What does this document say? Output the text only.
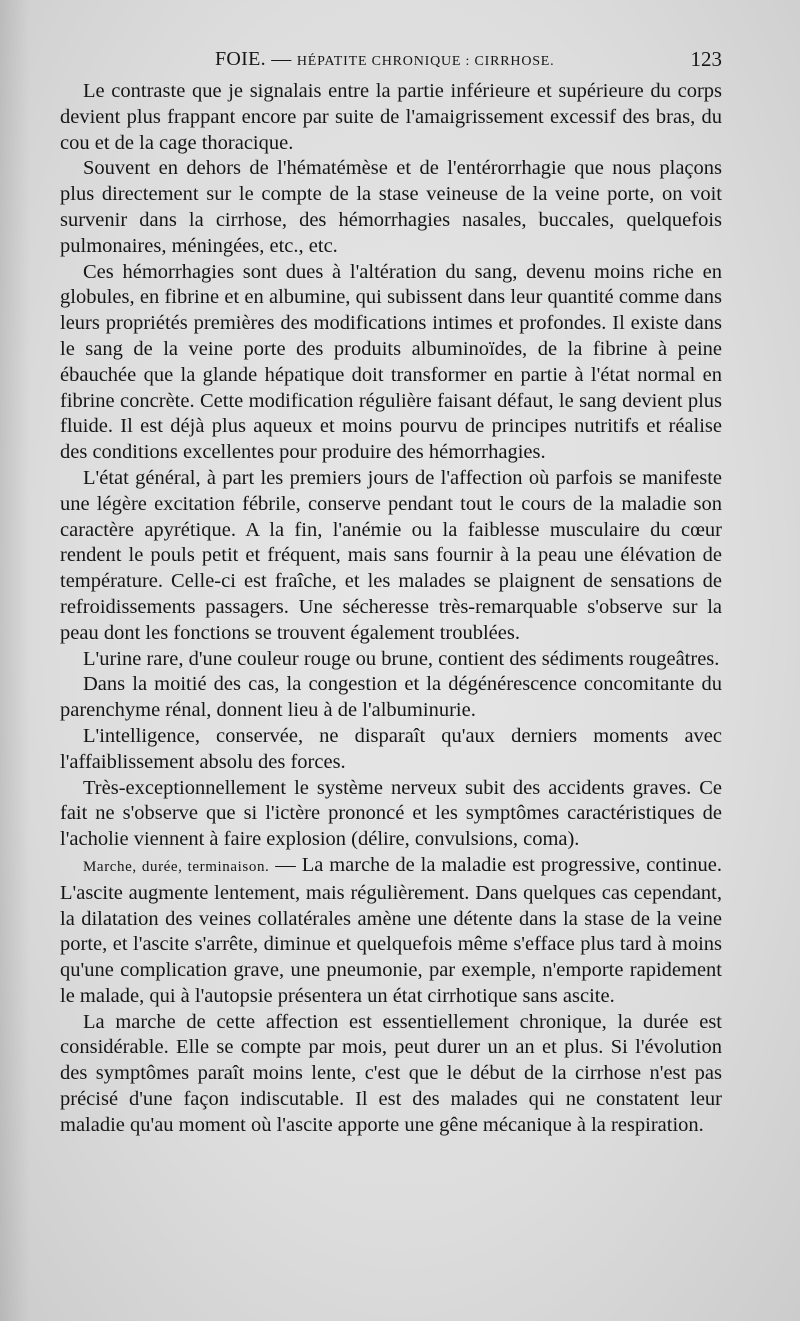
FOIE. — HÉPATITE CHRONIQUE : CIRRHOSE.	123

Le contraste que je signalais entre la partie inférieure et supérieure du corps devient plus frappant encore par suite de l'amaigrissement excessif des bras, du cou et de la cage thoracique.

Souvent en dehors de l'hématémèse et de l'entérorrhagie que nous plaçons plus directement sur le compte de la stase veineuse de la veine porte, on voit survenir dans la cirrhose, des hémorrhagies nasales, buccales, quelquefois pulmonaires, méningées, etc., etc.

Ces hémorrhagies sont dues à l'altération du sang, devenu moins riche en globules, en fibrine et en albumine, qui subissent dans leur quantité comme dans leurs propriétés premières des modifications intimes et profondes. Il existe dans le sang de la veine porte des produits albuminoïdes, de la fibrine à peine ébauchée que la glande hépatique doit transformer en partie à l'état normal en fibrine concrète. Cette modification régulière faisant défaut, le sang devient plus fluide. Il est déjà plus aqueux et moins pourvu de principes nutritifs et réalise des conditions excellentes pour produire des hémorrhagies.

L'état général, à part les premiers jours de l'affection où parfois se manifeste une légère excitation fébrile, conserve pendant tout le cours de la maladie son caractère apyrétique. A la fin, l'anémie ou la faiblesse musculaire du cœur rendent le pouls petit et fréquent, mais sans fournir à la peau une élévation de température. Celle-ci est fraîche, et les malades se plaignent de sensations de refroidissements passagers. Une sécheresse très-remarquable s'observe sur la peau dont les fonctions se trouvent également troublées.

L'urine rare, d'une couleur rouge ou brune, contient des sédiments rougeâtres.

Dans la moitié des cas, la congestion et la dégénérescence concomitante du parenchyme rénal, donnent lieu à de l'albuminurie.

L'intelligence, conservée, ne disparaît qu'aux derniers moments avec l'affaiblissement absolu des forces.

Très-exceptionnellement le système nerveux subit des accidents graves. Ce fait ne s'observe que si l'ictère prononcé et les symptômes caractéristiques de l'acholie viennent à faire explosion (délire, convulsions, coma).

Marche, durée, terminaison. — La marche de la maladie est progressive, continue. L'ascite augmente lentement, mais régulièrement. Dans quelques cas cependant, la dilatation des veines collatérales amène une détente dans la stase de la veine porte, et l'ascite s'arrête, diminue et quelquefois même s'efface plus tard à moins qu'une complication grave, une pneumonie, par exemple, n'emporte rapidement le malade, qui à l'autopsie présentera un état cirrhotique sans ascite.

La marche de cette affection est essentiellement chronique, la durée est considérable. Elle se compte par mois, peut durer un an et plus. Si l'évolution des symptômes paraît moins lente, c'est que le début de la cirrhose n'est pas précisé d'une façon indiscutable. Il est des malades qui ne constatent leur maladie qu'au moment où l'ascite apporte une gêne mécanique à la respiration.
